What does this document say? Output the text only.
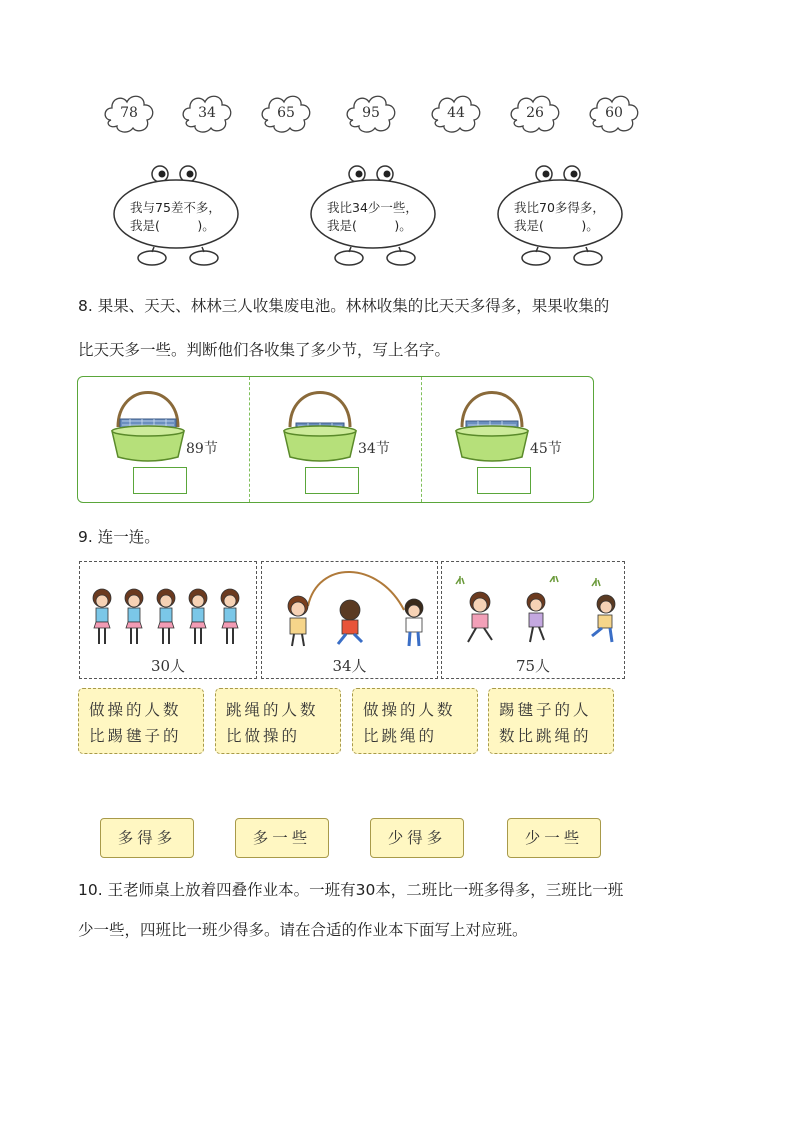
78	34	65	95	44	26	60
我与75差不多，
我是(　　　)。
我比34少一些，
我是(　　　)。
我比70多得多，
我是(　　　)。
8. 果果、天天、林林三人收集废电池。林林收集的比天天多得多，果果收集的
比天天多一些。判断他们各收集了多少节，写上名字。
89节	34节	45节
9. 连一连。
30人	34人	75人
做操的人数
比踢毽子的
跳绳的人数
比做操的
做操的人数
比跳绳的
踢毽子的人
数比跳绳的
多得多	多一些	少得多	少一些
10. 王老师桌上放着四叠作业本。一班有30本，二班比一班多得多，三班比一班
少一些，四班比一班少得多。请在合适的作业本下面写上对应班。
